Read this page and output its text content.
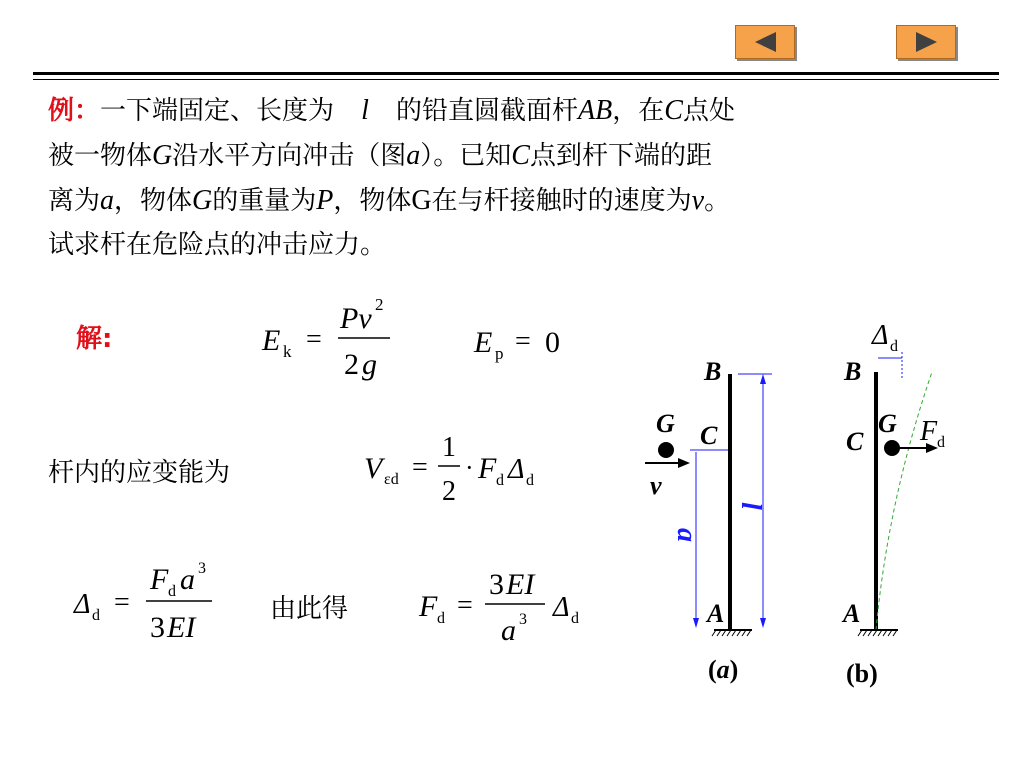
例：一下端固定、长度为 l 的铅直圆截面杆AB，在C点处
被一物体G沿水平方向冲击（图a）。已知C点到杆下端的距
离为a，物体G的重量为P，物体G在与杆接触时的速度为v。
试求杆在危险点的冲击应力。
解:
杆内的应变能为
由此得
E k =
Pv 2
2 g
E p = 0
V εd =
1
2
· F d Δ d
Δ d =
F d a 3
3 EI
F d =
3 EI
a 3 Δ d
B
G C
v
A
a
l
(a)
Δ d
B
G F d
C
A
(b)
